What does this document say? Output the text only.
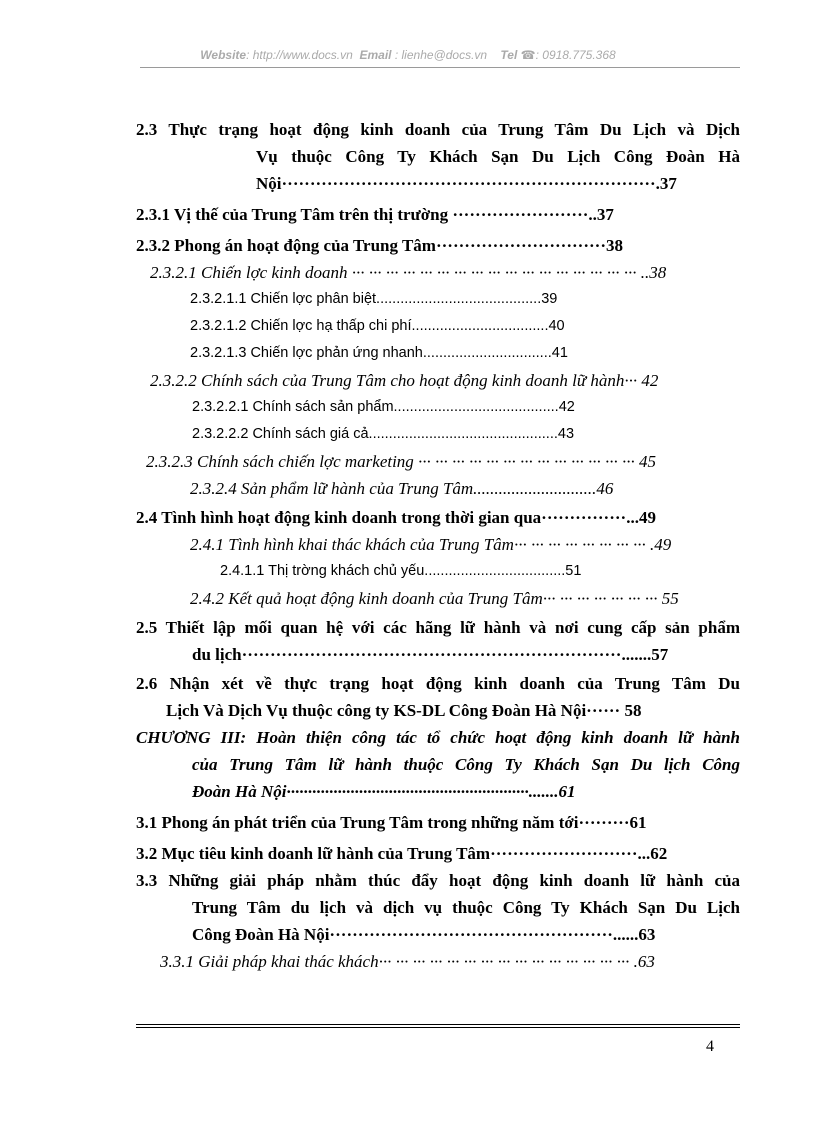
Website: http://www.docs.vn Email : lienhe@docs.vn Tel ☎: 0918.775.368
2.3 Thực trạng hoạt động kinh doanh của Trung Tâm Du Lịch và Dịch
Vụ thuộc Công Ty Khách Sạn Du Lịch Công Đoàn Hà
Nội··································································.37
2.3.1 Vị thế của Trung Tâm trên thị trường ························..37
2.3.2 Phong án hoạt động của Trung Tâm······························38
2.3.2.1 Chiến lợc kinh doanh ··· ··· ··· ··· ··· ··· ··· ··· ··· ··· ··· ··· ··· ··· ··· ··· ··· ..38
2.3.2.1.1 Chiến lợc phân biệt.........................................39
2.3.2.1.2 Chiến lợc hạ thấp chi phí..................................40
2.3.2.1.3 Chiến lợc phản ứng nhanh................................41
2.3.2.2 Chính sách của Trung Tâm cho hoạt động kinh doanh lữ hành··· 42
2.3.2.2.1 Chính sách sản phẩm.........................................42
2.3.2.2.2 Chính sách giá cả...............................................43
2.3.2.3 Chính sách chiến lợc marketing ··· ··· ··· ··· ··· ··· ··· ··· ··· ··· ··· ··· ··· 45
2.3.2.4 Sản phẩm lữ hành của Trung Tâm.............................46
2.4 Tình hình hoạt động kinh doanh trong thời gian qua···············...49
2.4.1 Tình hình khai thác khách của Trung Tâm··· ··· ··· ··· ··· ··· ··· ··· .49
2.4.1.1 Thị trờng khách chủ yếu...................................51
2.4.2 Kết quả hoạt động kinh doanh của Trung Tâm··· ··· ··· ··· ··· ··· ··· 55
2.5 Thiết lập mối quan hệ với các hãng lữ hành và nơi cung cấp sản phẩm
du lịch···································································.......57
2.6 Nhận xét về thực trạng hoạt động kinh doanh của Trung Tâm Du
Lịch Và Dịch Vụ thuộc công ty KS-DL Công Đoàn Hà Nội······ 58
CHƯƠNG III: Hoàn thiện công tác tổ chức hoạt động kinh doanh lữ hành
của Trung Tâm lữ hành thuộc Công Ty Khách Sạn Du lịch Công
Đoàn Hà Nội·························································.......61
3.1 Phong án phát triển của Trung Tâm trong những năm tới·········61
3.2 Mục tiêu kinh doanh lữ hành của Trung Tâm··························...62
3.3 Những giải pháp nhằm thúc đẩy hoạt động kinh doanh lữ hành của
Trung Tâm du lịch và dịch vụ thuộc Công Ty Khách Sạn Du Lịch
Công Đoàn Hà Nội··················································......63
3.3.1 Giải pháp khai thác khách··· ··· ··· ··· ··· ··· ··· ··· ··· ··· ··· ··· ··· ··· ··· .63
4
